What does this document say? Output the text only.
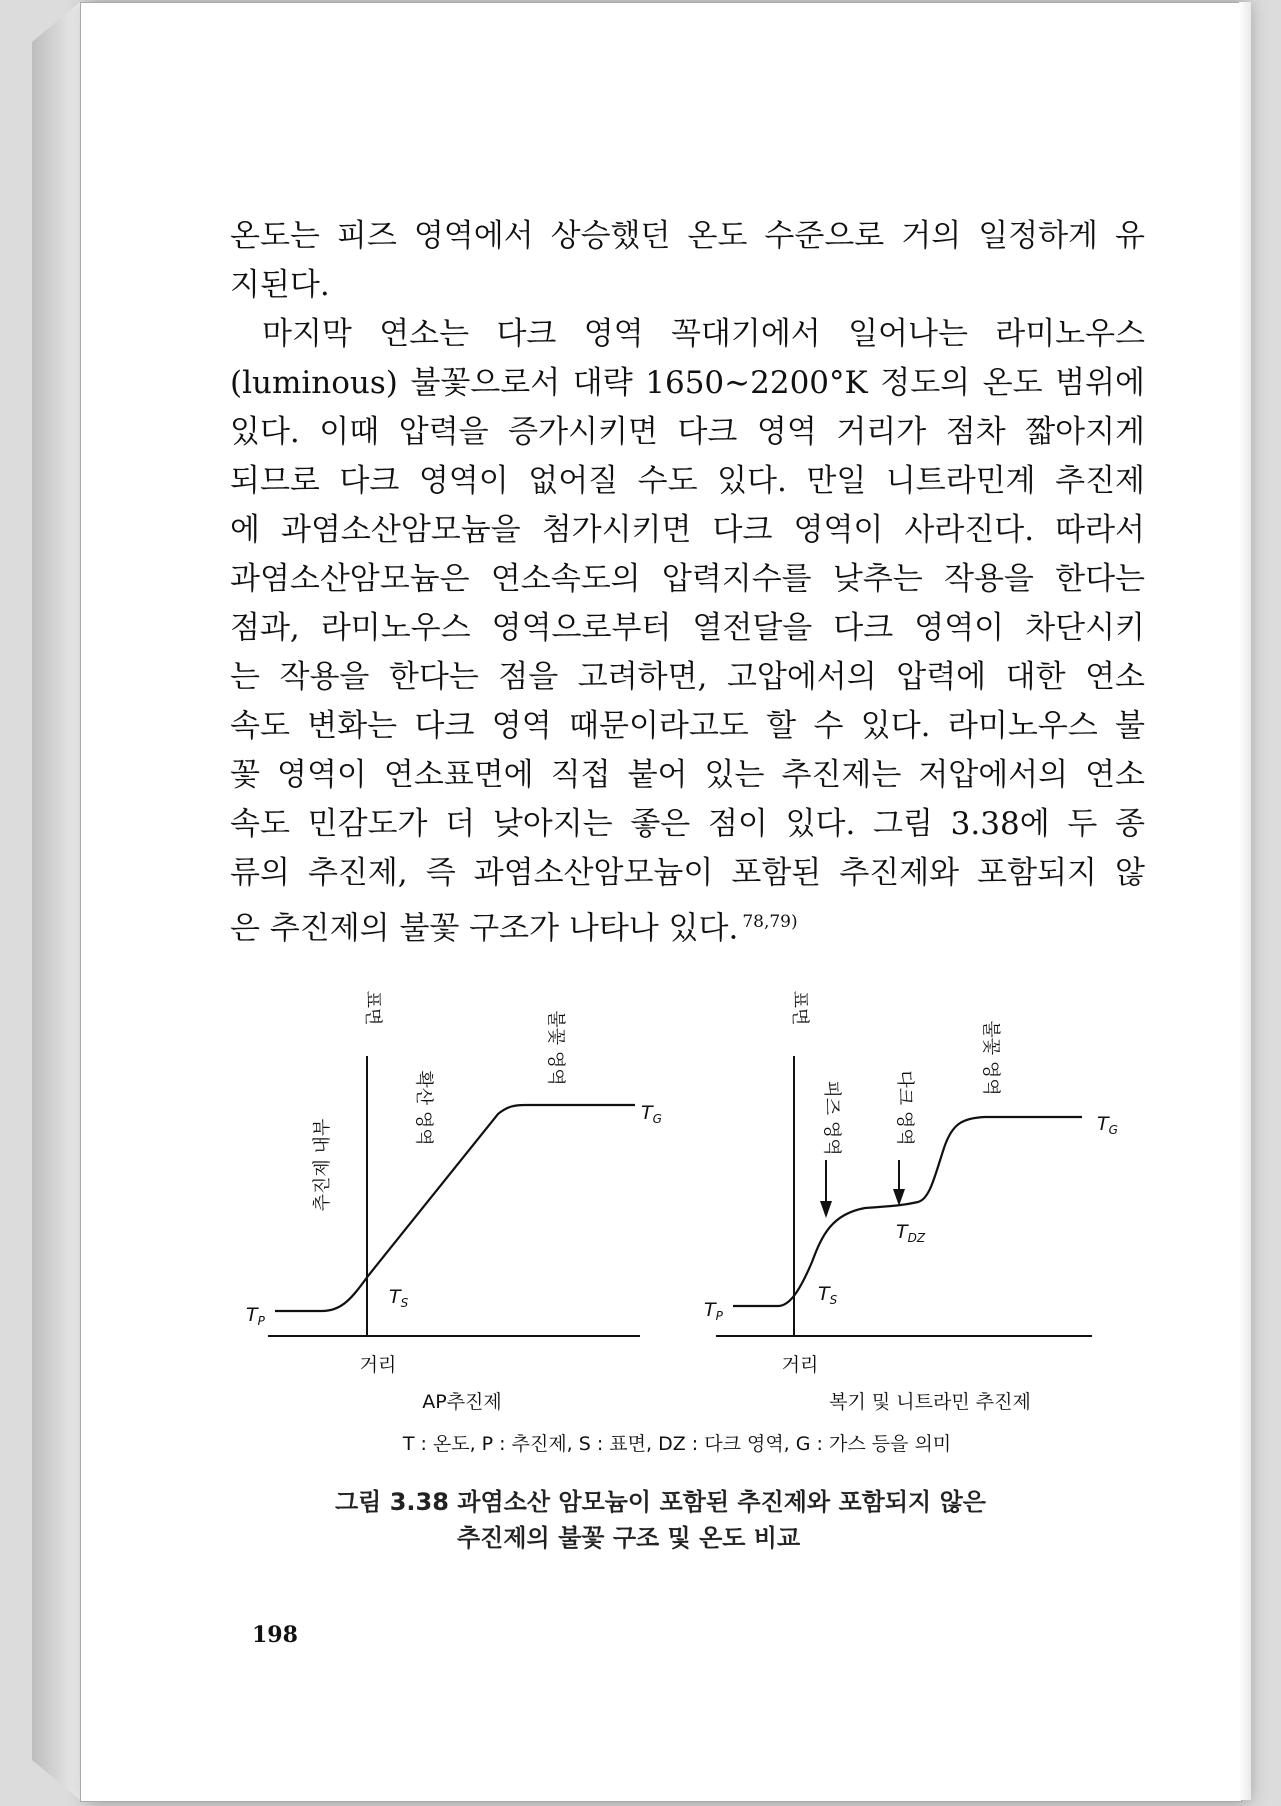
온도는 피즈 영역에서 상승했던 온도 수준으로 거의 일정하게 유
지된다.
마지막 연소는 다크 영역 꼭대기에서 일어나는 라미노우스
(luminous) 불꽃으로서 대략 1650∼2200°K 정도의 온도 범위에
있다. 이때 압력을 증가시키면 다크 영역 거리가 점차 짧아지게
되므로 다크 영역이 없어질 수도 있다. 만일 니트라민계 추진제
에 과염소산암모늄을 첨가시키면 다크 영역이 사라진다. 따라서
과염소산암모늄은 연소속도의 압력지수를 낮추는 작용을 한다는
점과, 라미노우스 영역으로부터 열전달을 다크 영역이 차단시키
는 작용을 한다는 점을 고려하면, 고압에서의 압력에 대한 연소
속도 변화는 다크 영역 때문이라고도 할 수 있다. 라미노우스 불
꽃 영역이 연소표면에 직접 붙어 있는 추진제는 저압에서의 연소
속도 민감도가 더 낮아지는 좋은 점이 있다. 그림 3.38에 두 종
류의 추진제, 즉 과염소산암모늄이 포함된 추진제와 포함되지 않
은 추진제의 불꽃 구조가 나타나 있다. $^{78,79)}$
표면
확산 영역
불꽃 영역
추진제 내부
$T_G$
$T_S$
$T_P$
거리
AP추진제
표면
피즈 영역	다크 영역
불꽃 영역
$T_G$
$T_{DZ}$
$T_S$
$T_P$
거리
복기 및 니트라민 추진제
T : 온도, P : 추진제, S : 표면, DZ : 다크 영역, G : 가스 등을 의미
그림 3.38 과염소산 암모늄이 포함된 추진제와 포함되지 않은
추진제의 불꽃 구조 및 온도 비교
198
